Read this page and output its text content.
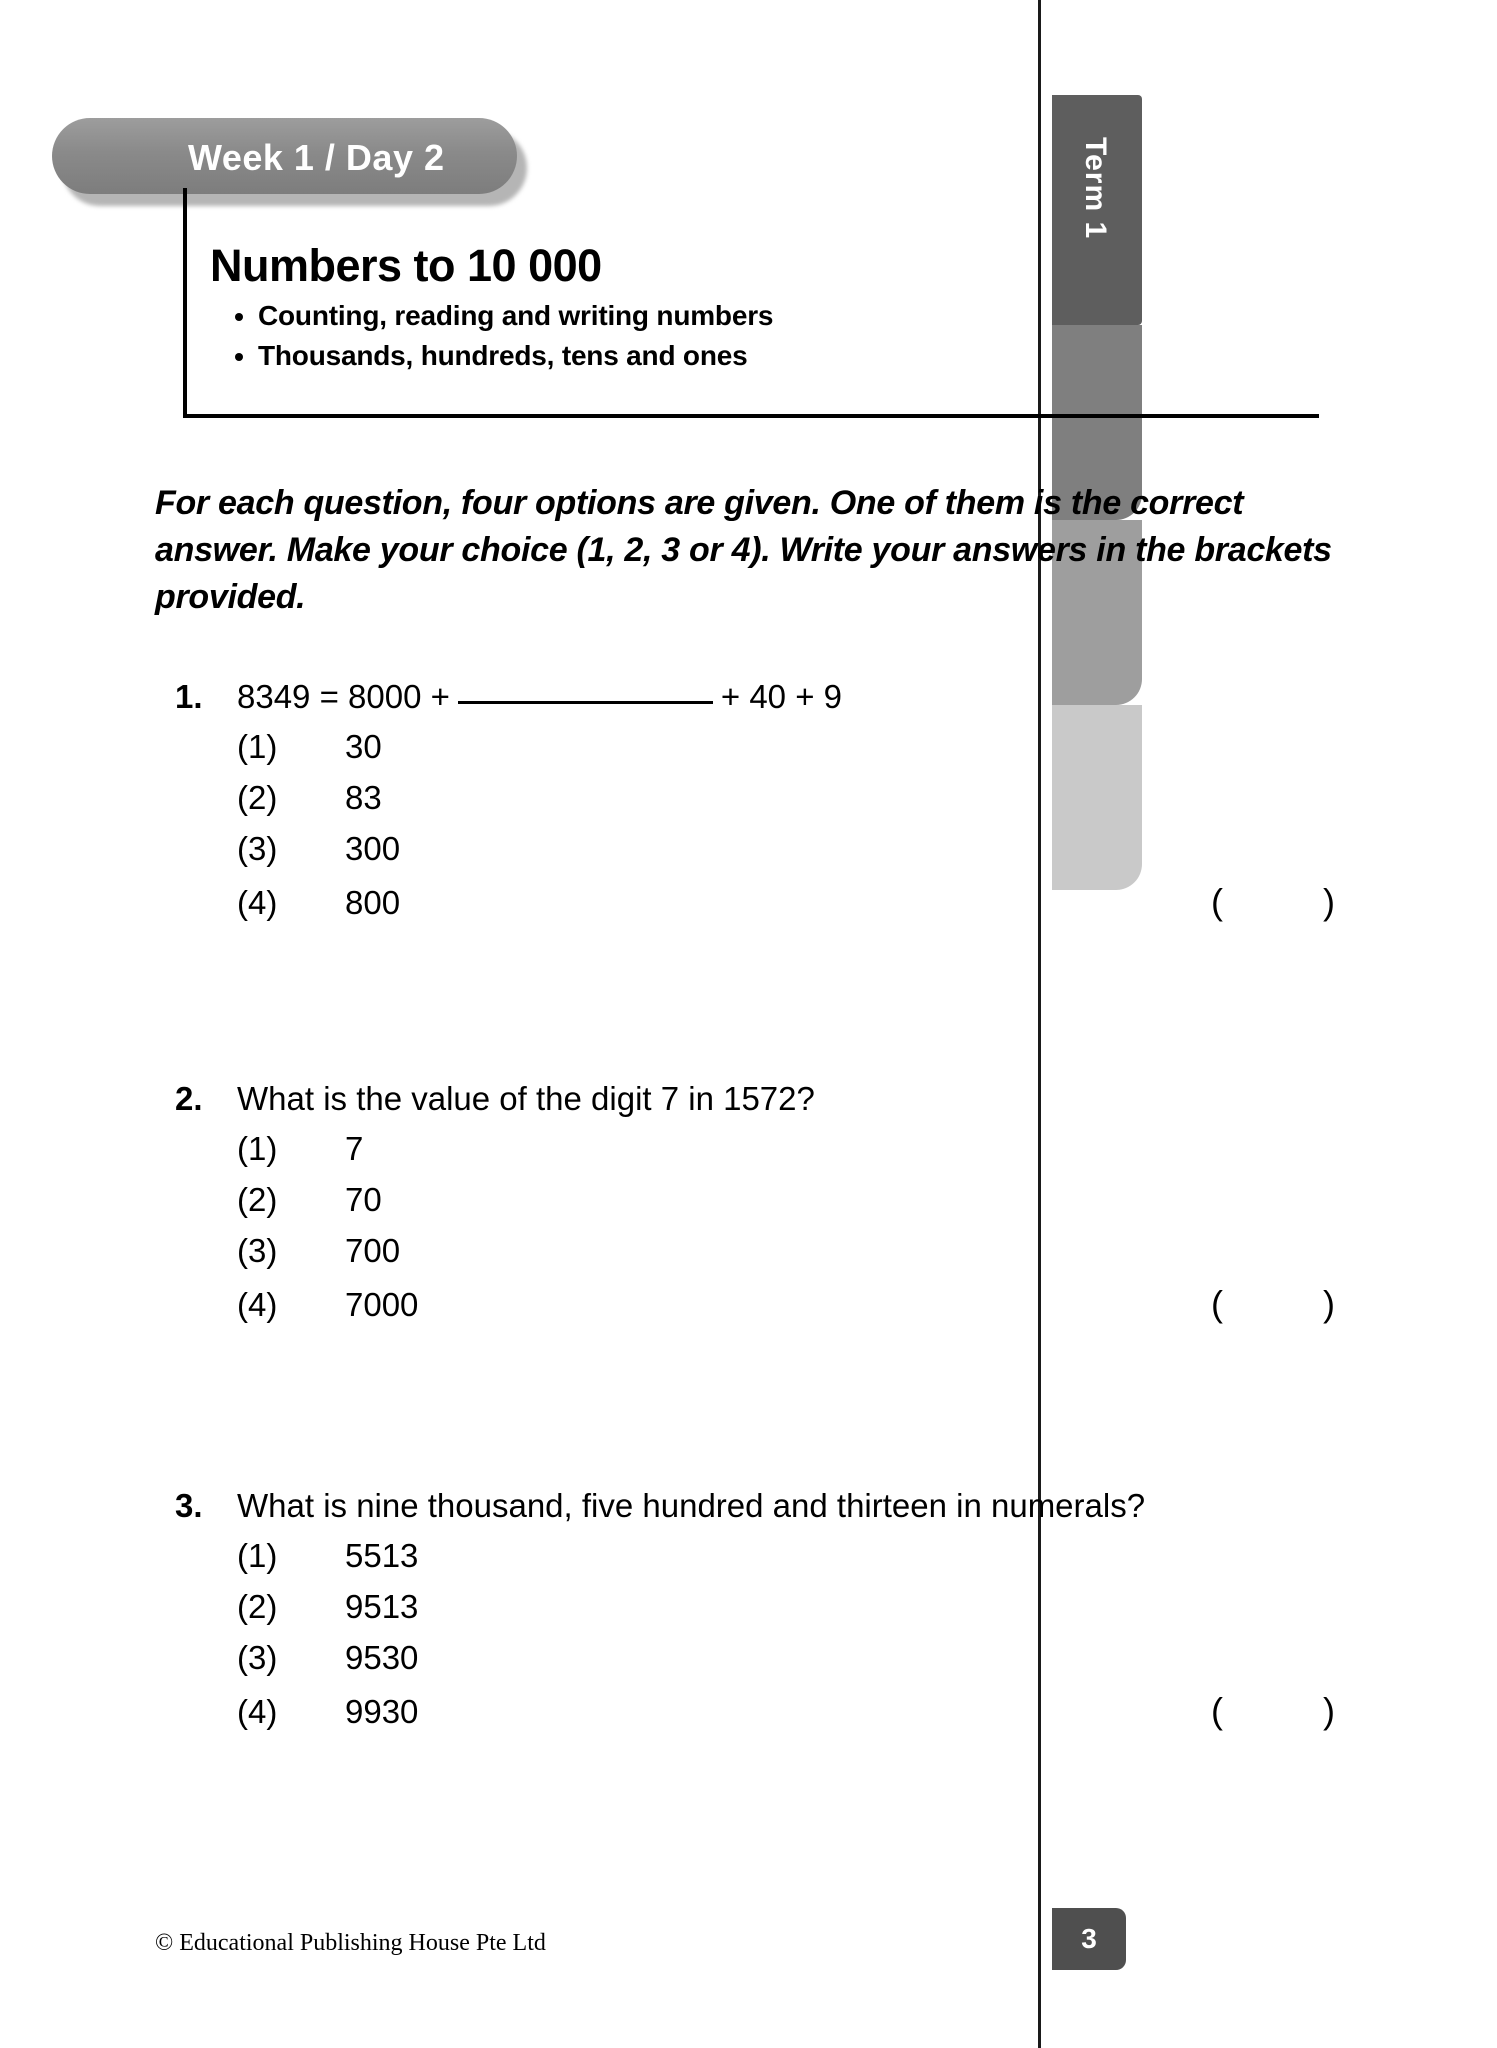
Term 1
3
Week 1 / Day 2
Numbers to 10 000
• Counting, reading and writing numbers
• Thousands, hundreds, tens and ones
For each question, four options are given. One of them is the correct answer. Make your choice (1, 2, 3 or 4). Write your answers in the brackets provided.
1.	8349 = 8000 +	+ 40 + 9
(1)	30
(2)	83
(3)	300
(4)	800	(          )
2.	What is the value of the digit 7 in 1572?
(1)	7
(2)	70
(3)	700
(4)	7000	(          )
3.	What is nine thousand, five hundred and thirteen in numerals?
(1)	5513
(2)	9513
(3)	9530
(4)	9930	(          )
© Educational Publishing House Pte Ltd
